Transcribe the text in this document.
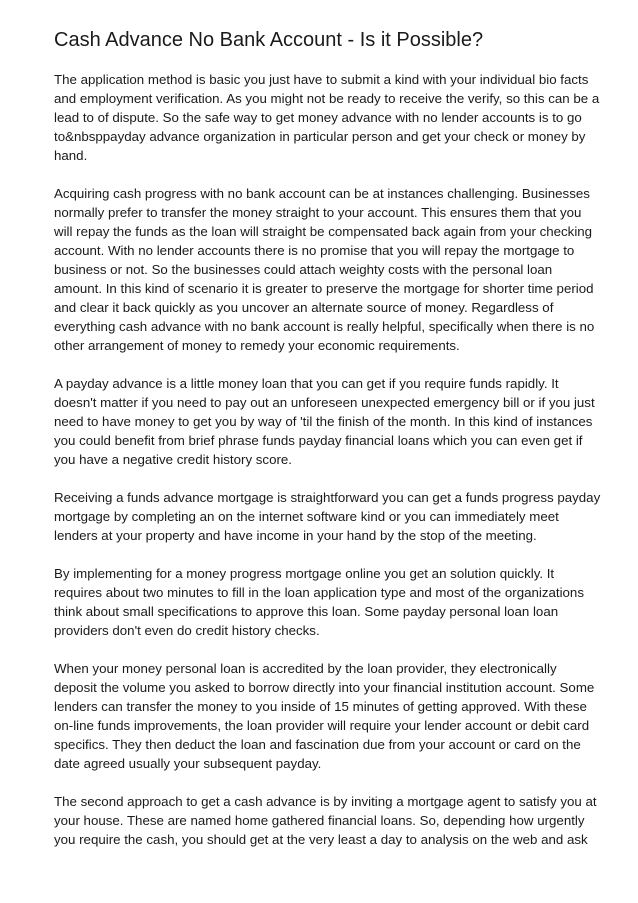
Cash Advance No Bank Account - Is it Possible?

The application method is basic you just have to submit a kind with your individual bio facts
and employment verification. As you might not be ready to receive the verify, so this can be a
lead to of dispute. So the safe way to get money advance with no lender accounts is to go
to&nbsppayday advance organization in particular person and get your check or money by
hand.

Acquiring cash progress with no bank account can be at instances challenging. Businesses
normally prefer to transfer the money straight to your account. This ensures them that you
will repay the funds as the loan will straight be compensated back again from your checking
account. With no lender accounts there is no promise that you will repay the mortgage to
business or not. So the businesses could attach weighty costs with the personal loan
amount. In this kind of scenario it is greater to preserve the mortgage for shorter time period
and clear it back quickly as you uncover an alternate source of money. Regardless of
everything cash advance with no bank account is really helpful, specifically when there is no
other arrangement of money to remedy your economic requirements.

A payday advance is a little money loan that you can get if you require funds rapidly. It
doesn't matter if you need to pay out an unforeseen unexpected emergency bill or if you just
need to have money to get you by way of 'til the finish of the month. In this kind of instances
you could benefit from brief phrase funds payday financial loans which you can even get if
you have a negative credit history score.

Receiving a funds advance mortgage is straightforward you can get a funds progress payday
mortgage by completing an on the internet software kind or you can immediately meet
lenders at your property and have income in your hand by the stop of the meeting.

By implementing for a money progress mortgage online you get an solution quickly. It
requires about two minutes to fill in the loan application type and most of the organizations
think about small specifications to approve this loan. Some payday personal loan loan
providers don't even do credit history checks.

When your money personal loan is accredited by the loan provider, they electronically
deposit the volume you asked to borrow directly into your financial institution account. Some
lenders can transfer the money to you inside of 15 minutes of getting approved. With these
on-line funds improvements, the loan provider will require your lender account or debit card
specifics. They then deduct the loan and fascination due from your account or card on the
date agreed usually your subsequent payday.

The second approach to get a cash advance is by inviting a mortgage agent to satisfy you at
your house. These are named home gathered financial loans. So, depending how urgently
you require the cash, you should get at the very least a day to analysis on the web and ask
